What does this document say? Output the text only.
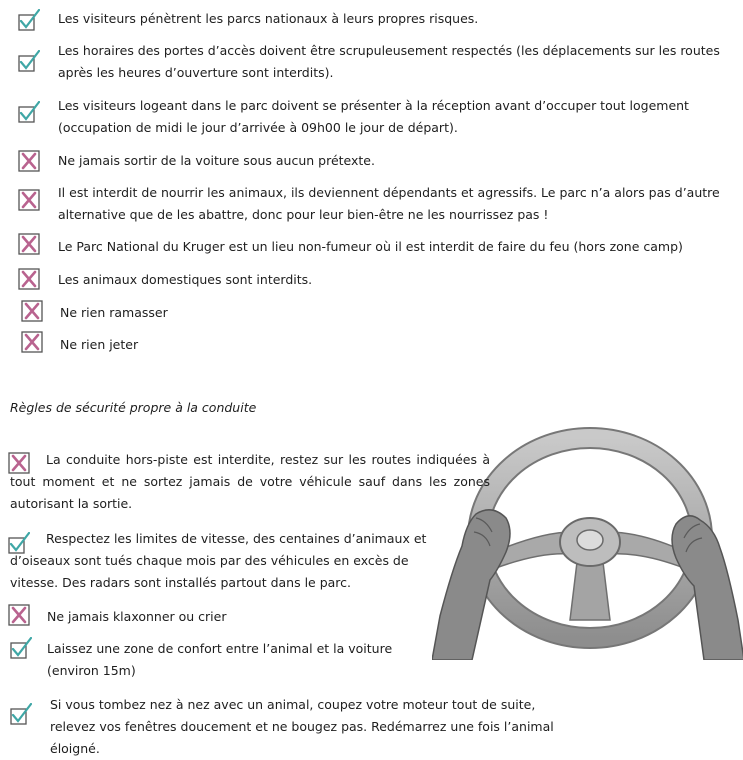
Les visiteurs pénètrent les parcs nationaux à leurs propres risques.

Les horaires des portes d’accès doivent être scrupuleusement respectés (les déplacements sur les routes après les heures d’ouverture sont interdits).

Les visiteurs logeant dans le parc doivent se présenter à la réception avant d’occuper tout logement (occupation de midi le jour d’arrivée à 09h00 le jour de départ).

Ne jamais sortir de la voiture sous aucun prétexte.

Il est interdit de nourrir les animaux, ils deviennent dépendants et agressifs. Le parc n’a alors pas d’autre alternative que de les abattre, donc pour leur bien-être ne les nourrissez pas !

Le Parc National du Kruger est un lieu non-fumeur où il est interdit de faire du feu (hors zone camp)

Les animaux domestiques sont interdits.

Ne rien ramasser

Ne rien jeter

Règles de sécurité propre à la conduite

La conduite hors-piste est interdite, restez sur les routes indiquées à tout moment et ne sortez jamais de votre véhicule sauf dans les zones autorisant la sortie.

Respectez les limites de vitesse, des centaines d’animaux et d’oiseaux sont tués chaque mois par des véhicules en excès de vitesse. Des radars sont installés partout dans le parc.

Ne jamais klaxonner ou crier

Laissez une zone de confort entre l’animal et la voiture (environ 15m)

Si vous tombez nez à nez avec un animal, coupez votre moteur tout de suite, relevez vos fenêtres doucement et ne bougez pas. Redémarrez une fois l’animal éloigné.
